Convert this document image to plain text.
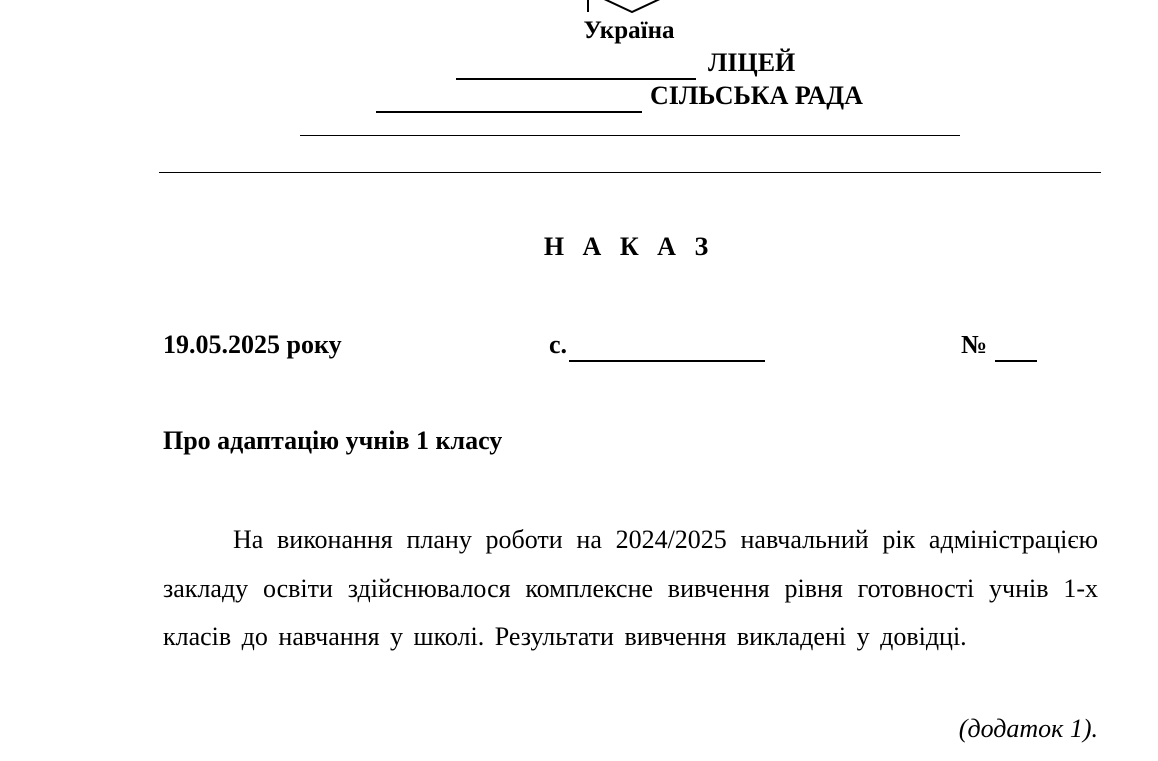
Україна
ЛІЦЕЙ
СІЛЬСЬКА РАДА
Н А К А З
19.05.2025 року	с.	№
Про адаптацію учнів 1 класу

На виконання плану роботи на 2024/2025 навчальний рік адміністрацією закладу освіти здійснювалося комплексне вивчення рівня готовності учнів 1-х класів до навчання у школі. Результати вивчення викладені у довідці.

(додаток 1).
